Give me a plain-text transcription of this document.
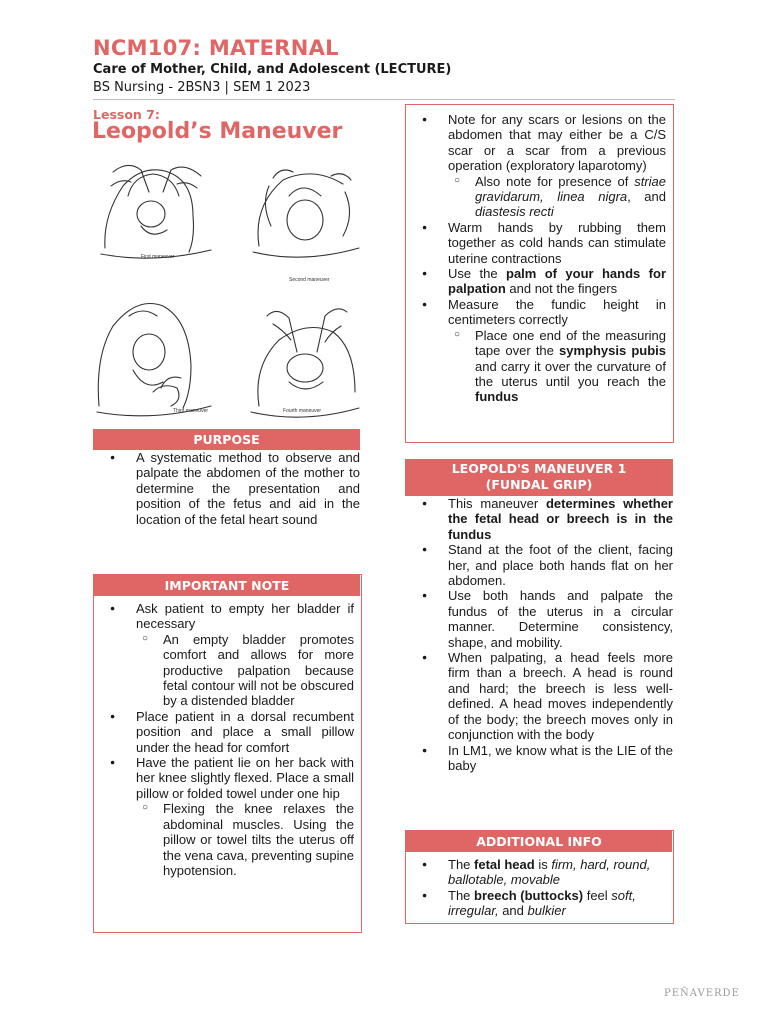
NCM107: MATERNAL
Care of Mother, Child, and Adolescent (LECTURE)
BS Nursing - 2BSN3 | SEM 1 2023
Lesson 7:
Leopold’s Maneuver
First maneuver
Second maneuver
Third maneuver	Fourth maneuver
PURPOSE
● A systematic method to observe and palpate the abdomen of the mother to determine the presentation and position of the fetus and aid in the location of the fetal heart sound
IMPORTANT NOTE
● Ask patient to empty her bladder if necessary
○ An empty bladder promotes comfort and allows for more productive palpation because fetal contour will not be obscured by a distended bladder
● Place patient in a dorsal recumbent position and place a small pillow under the head for comfort
● Have the patient lie on her back with her knee slightly flexed. Place a small pillow or folded towel under one hip
○ Flexing the knee relaxes the abdominal muscles. Using the pillow or towel tilts the uterus off the vena cava, preventing supine hypotension.
● Note for any scars or lesions on the abdomen that may either be a C/S scar or a scar from a previous operation (exploratory laparotomy)
○ Also note for presence of striae gravidarum, linea nigra, and diastesis recti
● Warm hands by rubbing them together as cold hands can stimulate uterine contractions
● Use the palm of your hands for palpation and not the fingers
● Measure the fundic height in centimeters correctly
○ Place one end of the measuring tape over the symphysis pubis and carry it over the curvature of the uterus until you reach the fundus
LEOPOLD'S MANEUVER 1
(FUNDAL GRIP)
● This maneuver determines whether the fetal head or breech is in the fundus
● Stand at the foot of the client, facing her, and place both hands flat on her abdomen.
● Use both hands and palpate the fundus of the uterus in a circular manner. Determine consistency, shape, and mobility.
● When palpating, a head feels more firm than a breech. A head is round and hard; the breech is less well-defined. A head moves independently of the body; the breech moves only in conjunction with the body
● In LM1, we know what is the LIE of the baby
ADDITIONAL INFO
● The fetal head is firm, hard, round, ballotable, movable
● The breech (buttocks) feel soft, irregular, and bulkier
PEÑAVERDE
